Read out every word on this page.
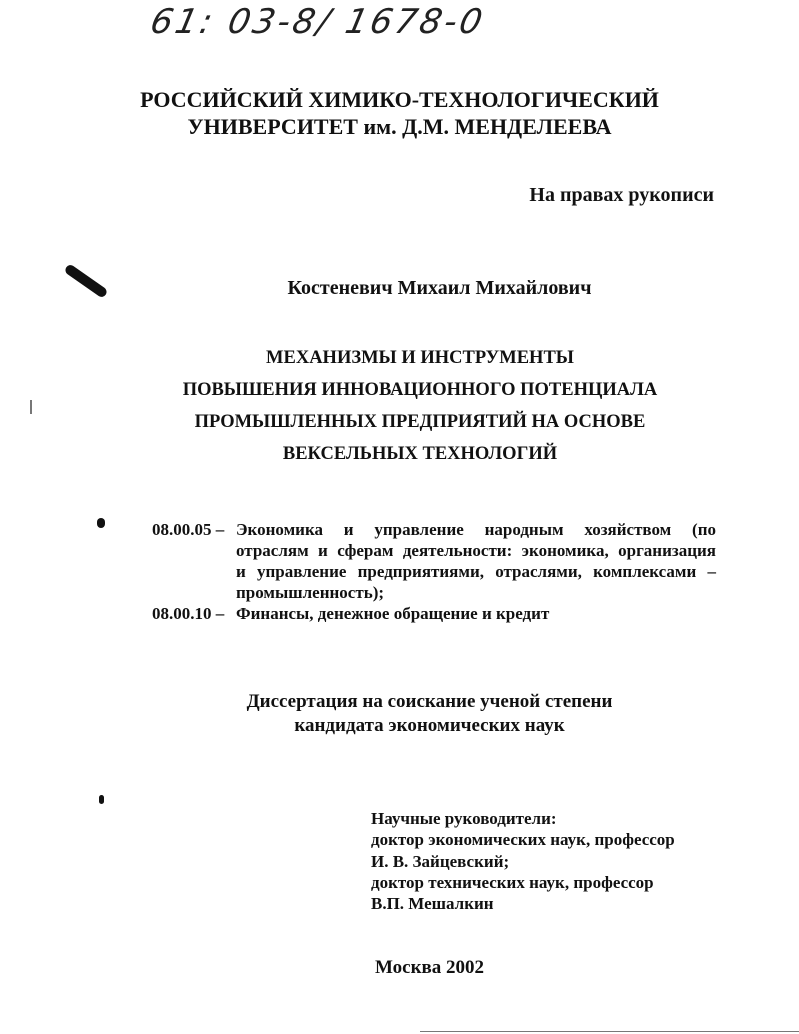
61: 03-8/ 1678-0
РОССИЙСКИЙ ХИМИКО-ТЕХНОЛОГИЧЕСКИЙ
УНИВЕРСИТЕТ им. Д.М. МЕНДЕЛЕЕВА
На правах рукописи
Костеневич Михаил Михайлович
МЕХАНИЗМЫ И ИНСТРУМЕНТЫ
ПОВЫШЕНИЯ ИННОВАЦИОННОГО ПОТЕНЦИАЛА
ПРОМЫШЛЕННЫХ ПРЕДПРИЯТИЙ НА ОСНОВЕ
ВЕКСЕЛЬНЫХ ТЕХНОЛОГИЙ
08.00.05 – Экономика и управление народным хозяйством (по
отраслям и сферам деятельности: экономика, организация
и управление предприятиями, отраслями, комплексами –
промышленность);
08.00.10 – Финансы, денежное обращение и кредит
Диссертация на соискание ученой степени
кандидата экономических наук
Научные руководители:
доктор экономических наук, профессор
И. В. Зайцевский;
доктор технических наук, профессор
В.П. Мешалкин
Москва 2002
